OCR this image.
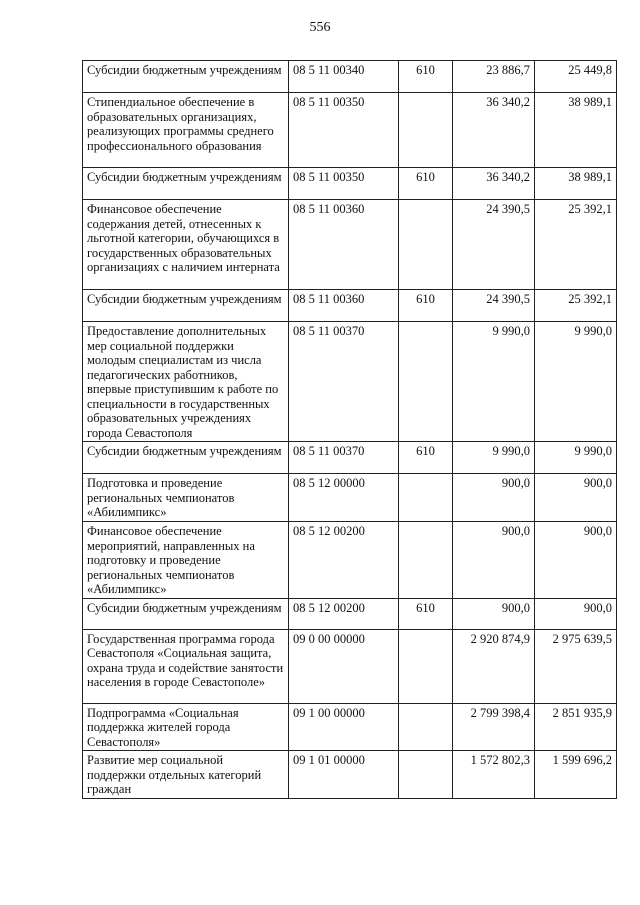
556
Субсидии бюджетным учреждениям	08 5 11 00340	610	23 886,7	25 449,8
Стипендиальное обеспечение в образовательных организациях, реализующих программы среднего профессионального образования	08 5 11 00350		36 340,2	38 989,1
Субсидии бюджетным учреждениям	08 5 11 00350	610	36 340,2	38 989,1
Финансовое обеспечение содержания детей, отнесенных к льготной категории, обучающихся в государственных образовательных организациях с наличием интерната	08 5 11 00360		24 390,5	25 392,1
Субсидии бюджетным учреждениям	08 5 11 00360	610	24 390,5	25 392,1
Предоставление дополнительных мер социальной поддержки молодым специалистам из числа педагогических работников, впервые приступившим к работе по специальности в государственных образовательных учреждениях города Севастополя	08 5 11 00370		9 990,0	9 990,0
Субсидии бюджетным учреждениям	08 5 11 00370	610	9 990,0	9 990,0
Подготовка и проведение региональных чемпионатов «Абилимпикс»	08 5 12 00000		900,0	900,0
Финансовое обеспечение мероприятий, направленных на подготовку и проведение региональных чемпионатов «Абилимпикс»	08 5 12 00200		900,0	900,0
Субсидии бюджетным учреждениям	08 5 12 00200	610	900,0	900,0
Государственная программа города Севастополя «Социальная защита, охрана труда и содействие занятости населения в городе Севастополе»	09 0 00 00000		2 920 874,9	2 975 639,5
Подпрограмма «Социальная поддержка жителей города Севастополя»	09 1 00 00000		2 799 398,4	2 851 935,9
Развитие мер социальной поддержки отдельных категорий граждан	09 1 01 00000		1 572 802,3	1 599 696,2
